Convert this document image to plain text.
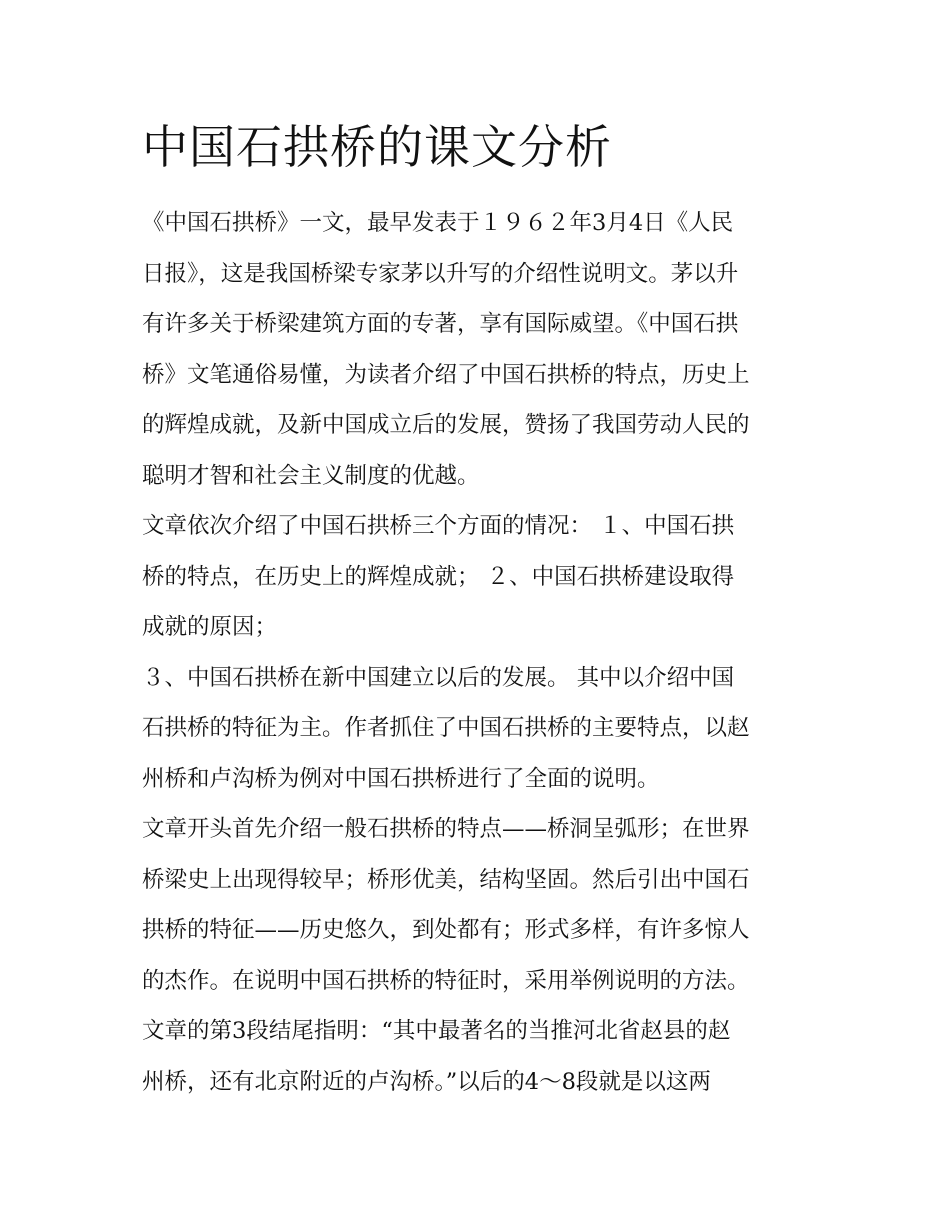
中国石拱桥的课文分析
《中国石拱桥》一文，最早发表于１９６２年3月4日《人民
日报》，这是我国桥梁专家茅以升写的介绍性说明文。茅以升
有许多关于桥梁建筑方面的专著，享有国际威望。《中国石拱
桥》文笔通俗易懂，为读者介绍了中国石拱桥的特点，历史上
的辉煌成就，及新中国成立后的发展，赞扬了我国劳动人民的
聪明才智和社会主义制度的优越。
文章依次介绍了中国石拱桥三个方面的情况： １、中国石拱
桥的特点，在历史上的辉煌成就； ２、中国石拱桥建设取得
成就的原因；
３、中国石拱桥在新中国建立以后的发展。 其中以介绍中国
石拱桥的特征为主。作者抓住了中国石拱桥的主要特点，以赵
州桥和卢沟桥为例对中国石拱桥进行了全面的说明。
文章开头首先介绍一般石拱桥的特点——桥洞呈弧形；在世界
桥梁史上出现得较早；桥形优美，结构坚固。然后引出中国石
拱桥的特征——历史悠久，到处都有；形式多样，有许多惊人
的杰作。在说明中国石拱桥的特征时，采用举例说明的方法。
文章的第3段结尾指明：“其中最著名的当推河北省赵县的赵
州桥，还有北京附近的卢沟桥。”以后的4～8段就是以这两
